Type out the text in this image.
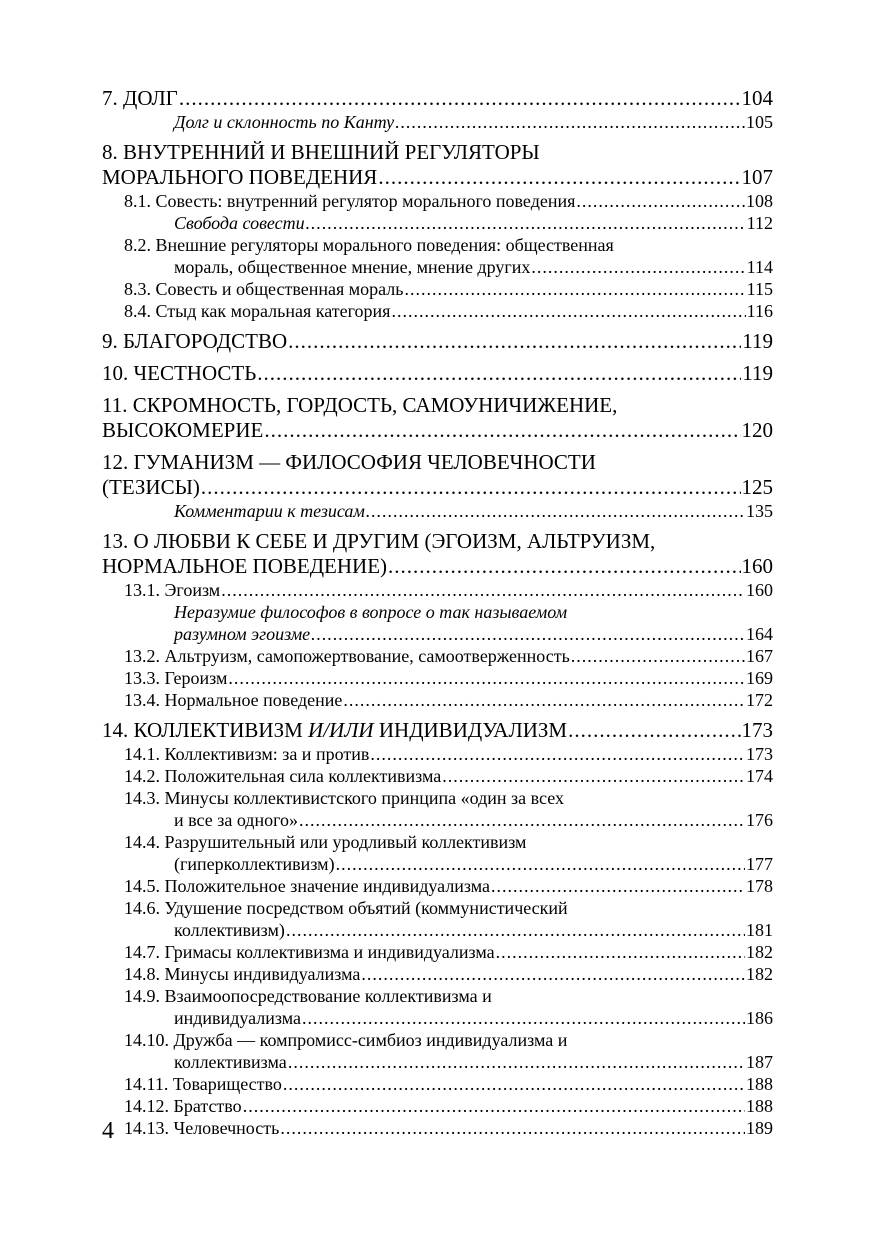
7. ДОЛГ .....	104
Долг и склонность по Канту .....	105
8. ВНУТРЕННИЙ И ВНЕШНИЙ РЕГУЛЯТОРЫ
МОРАЛЬНОГО ПОВЕДЕНИЯ .....	107
8.1. Совесть: внутренний регулятор морального поведения .....	108
Свобода совести .....	112
8.2. Внешние регуляторы морального поведения: общественная
мораль, общественное мнение, мнение других .....	114
8.3. Совесть и общественная мораль .....	115
8.4. Стыд как моральная категория .....	116
9. БЛАГОРОДСТВО .....	119
10. ЧЕСТНОСТЬ .....	119
11. СКРОМНОСТЬ, ГОРДОСТЬ, САМОУНИЧИЖЕНИЕ,
ВЫСОКОМЕРИЕ .....	120
12. ГУМАНИЗМ — ФИЛОСОФИЯ ЧЕЛОВЕЧНОСТИ
(ТЕЗИСЫ) .....	125
Комментарии к тезисам .....	135
13. О ЛЮБВИ К СЕБЕ И ДРУГИМ (ЭГОИЗМ, АЛЬТРУИЗМ,
НОРМАЛЬНОЕ ПОВЕДЕНИЕ) .....	160
13.1. Эгоизм .....	160
Неразумие философов в вопросе о так называемом
разумном эгоизме .....	164
13.2. Альтруизм, самопожертвование, самоотверженность .....	167
13.3. Героизм .....	169
13.4. Нормальное поведение .....	172
14. КОЛЛЕКТИВИЗМ И/ИЛИ ИНДИВИДУАЛИЗМ .....	173
14.1. Коллективизм: за и против .....	173
14.2. Положительная сила коллективизма .....	174
14.3. Минусы коллективистского принципа «один за всех
и все за одного» .....	176
14.4. Разрушительный или уродливый коллективизм
(гиперколлективизм) .....	177
14.5. Положительное значение индивидуализма .....	178
14.6. Удушение посредством объятий (коммунистический
коллективизм) .....	181
14.7. Гримасы коллективизма и индивидуализма .....	182
14.8. Минусы индивидуализма .....	182
14.9. Взаимоопосредствование коллективизма и
индивидуализма .....	186
14.10. Дружба — компромисс-симбиоз индивидуализма и
коллективизма .....	187
14.11. Товарищество .....	188
14.12. Братство .....	188
14.13. Человечность .....	189
4
